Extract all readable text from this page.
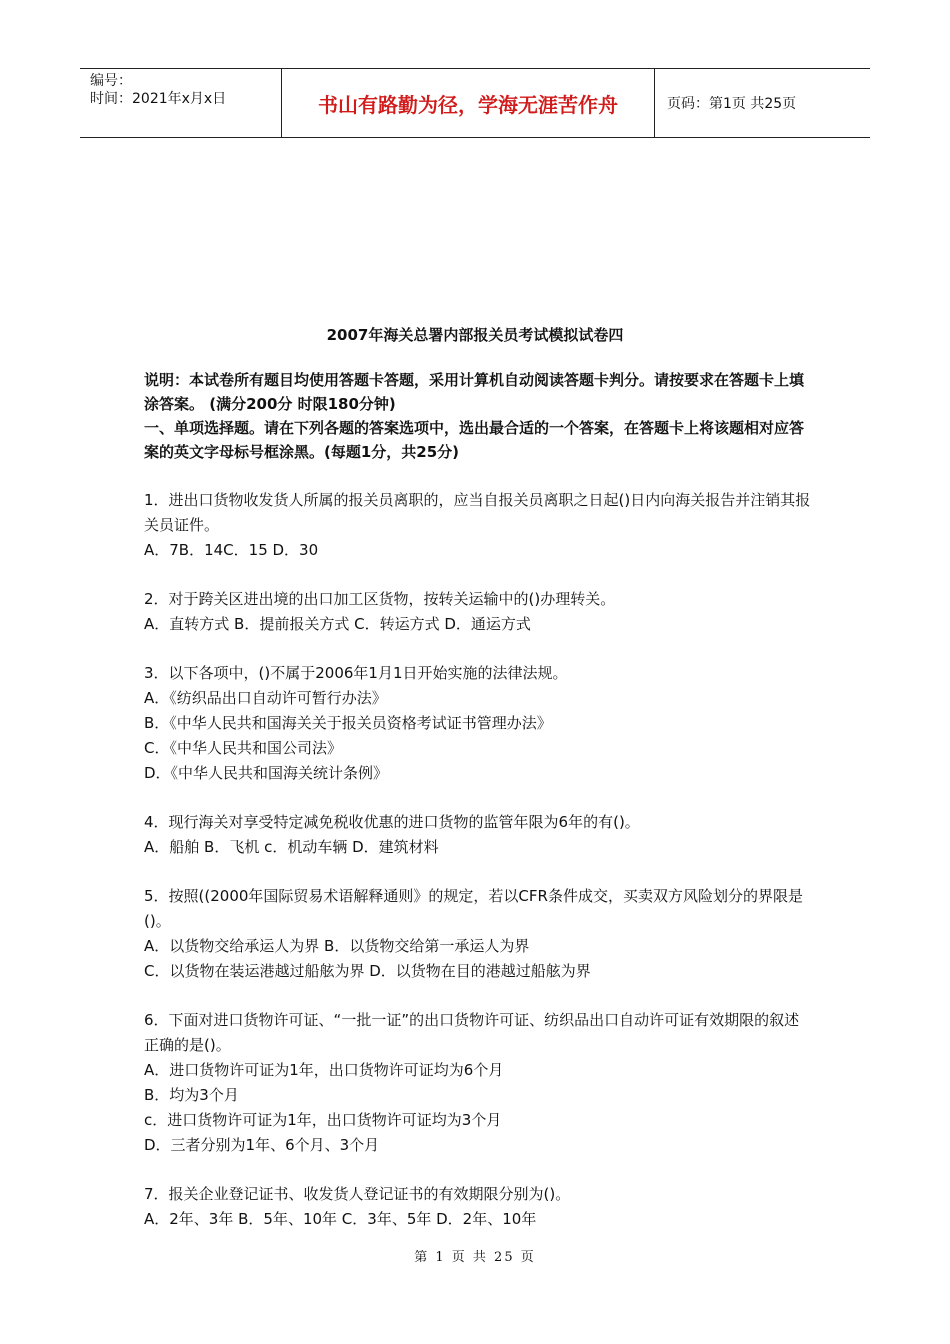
编号：
时间：2021年x月x日	书山有路勤为径，学海无涯苦作舟	页码：第1页 共25页
2007年海关总署内部报关员考试模拟试卷四

说明：本试卷所有题目均使用答题卡答题，采用计算机自动阅读答题卡判分。请按要求在答题卡上填涂答案。 (满分200分 时限180分钟)

一、单项选择题。请在下列各题的答案选项中，选出最合适的一个答案，在答题卡上将该题相对应答案的英文字母标号框涂黑。(每题1分，共25分)

1．进出口货物收发货人所属的报关员离职的，应当自报关员离职之日起()日内向海关报告并注销其报关员证件。

A．7B．14C．15 D．30

2．对于跨关区进出境的出口加工区货物，按转关运输中的()办理转关。

A．直转方式 B．提前报关方式 C．转运方式 D．通运方式

3．以下各项中，()不属于2006年1月1日开始实施的法律法规。

A．《纺织品出口自动许可暂行办法》

B．《中华人民共和国海关关于报关员资格考试证书管理办法》

C．《中华人民共和国公司法》

D．《中华人民共和国海关统计条例》

4．现行海关对享受特定减免税收优惠的进口货物的监管年限为6年的有()。

A．船舶 B．飞机 c．机动车辆 D．建筑材料

5．按照((2000年国际贸易术语解释通则》的规定，若以CFR条件成交，买卖双方风险划分的界限是()。

A．以货物交给承运人为界 B．以货物交给第一承运人为界

C．以货物在装运港越过船舷为界 D．以货物在目的港越过船舷为界

6．下面对进口货物许可证、“一批一证”的出口货物许可证、纺织品出口自动许可证有效期限的叙述正确的是()。

A．进口货物许可证为1年，出口货物许可证均为6个月

B．均为3个月

c．进口货物许可证为1年，出口货物许可证均为3个月

D．三者分别为1年、6个月、3个月

7．报关企业登记证书、收发货人登记证书的有效期限分别为()。

A．2年、3年 B．5年、10年 C．3年、5年 D．2年、10年

第 1 页 共 25 页
